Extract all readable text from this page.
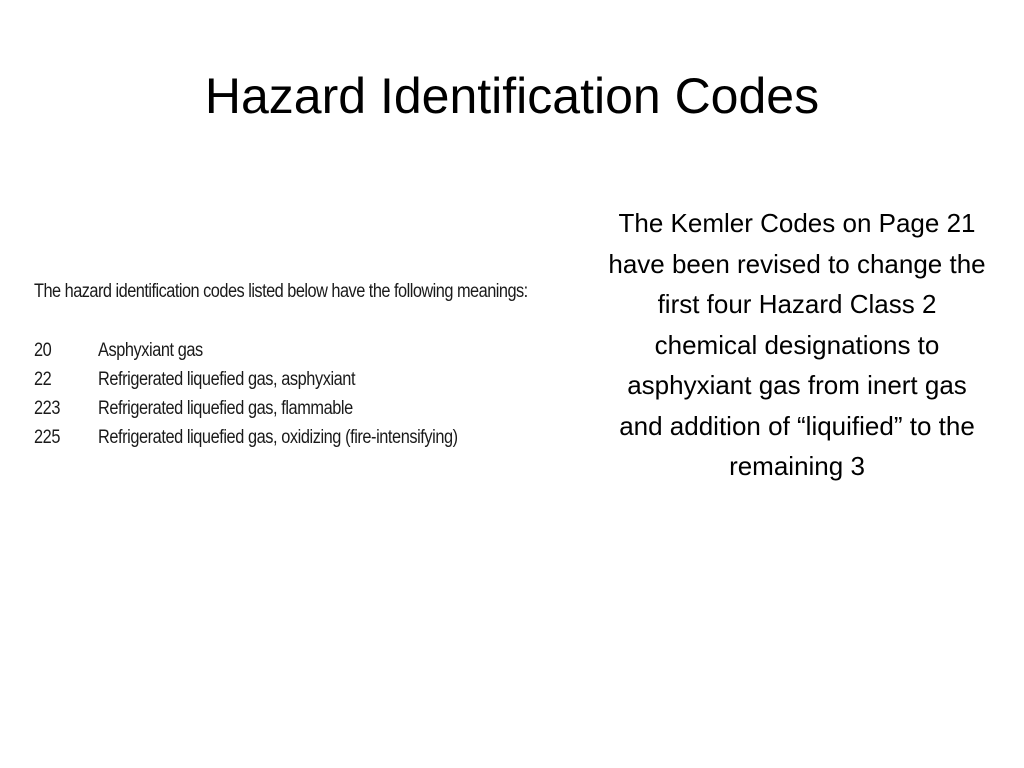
Hazard Identification Codes
The hazard identification codes listed below have the following meanings:
20	Asphyxiant gas
22	Refrigerated liquefied gas, asphyxiant
223	Refrigerated liquefied gas, flammable
225	Refrigerated liquefied gas, oxidizing (fire-intensifying)
The Kemler Codes on Page 21 have been revised to change the first four Hazard Class 2 chemical designations to asphyxiant gas from inert gas and addition of “liquified” to the remaining 3
